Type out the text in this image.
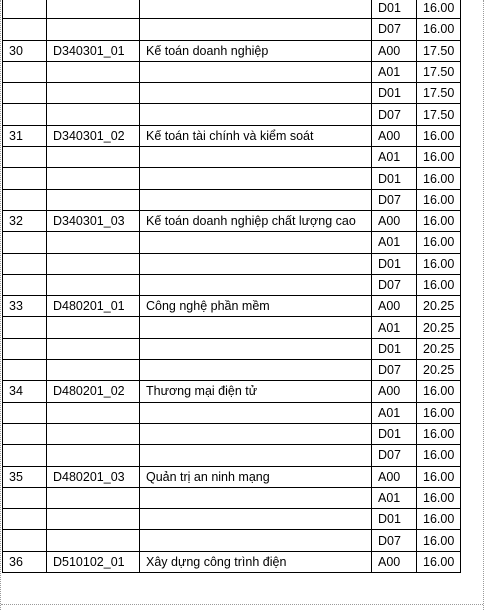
			D01	16.00
			D07	16.00
30	D340301_01	Kế toán doanh nghiệp	A00	17.50
			A01	17.50
			D01	17.50
			D07	17.50
31	D340301_02	Kế toán tài chính và kiểm soát	A00	16.00
			A01	16.00
			D01	16.00
			D07	16.00
32	D340301_03	Kế toán doanh nghiệp chất lượng cao	A00	16.00
			A01	16.00
			D01	16.00
			D07	16.00
33	D480201_01	Công nghệ phần mềm	A00	20.25
			A01	20.25
			D01	20.25
			D07	20.25
34	D480201_02	Thương mại điện tử	A00	16.00
			A01	16.00
			D01	16.00
			D07	16.00
35	D480201_03	Quản trị an ninh mạng	A00	16.00
			A01	16.00
			D01	16.00
			D07	16.00
36	D510102_01	Xây dựng công trình điện	A00	16.00
